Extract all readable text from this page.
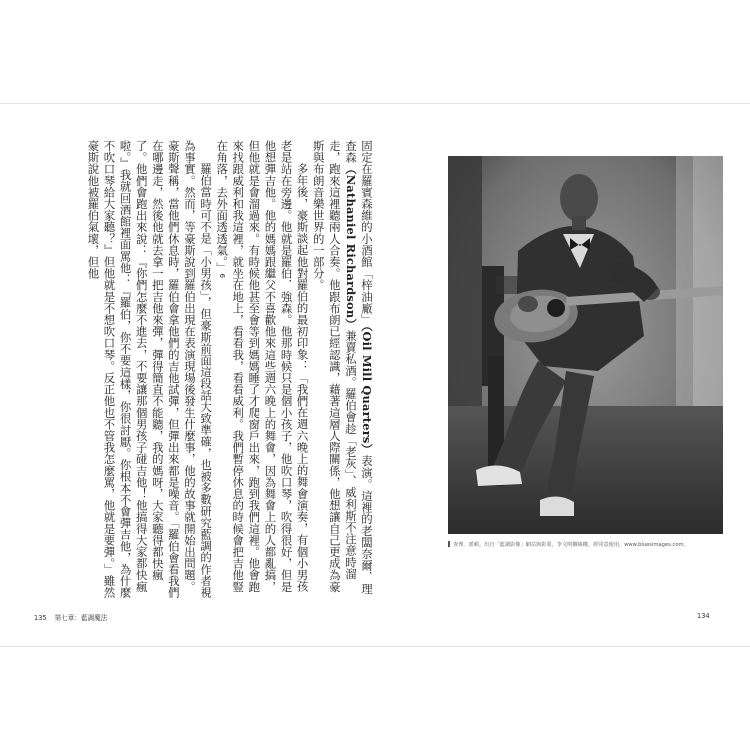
固定在羅賓森維的小酒館「梓油廠」（Oil Mill Quarters）表演。這裡的老闆奈爾．理查森（Nathaniel Richardson）兼賣私酒。羅伯會趁「老灰」、威利斯不注意時溜走，跑來這裡聽兩人合奏。他跟布朗已經認識，藉著這層人際關係，他想讓自己更成為豪斯與布朗音樂世界的一部分。

多年後，豪斯談起他對羅伯的最初印象：「我們在週六晚上的舞會演奏，有個小男孩老是站在旁邊。他就是羅伯．強森。他那時候只是個小孩子，他吹口琴，吹得很好，但是他想彈吉他。他的媽媽跟繼父不喜歡他來這些週六晚上的舞會，因為舞會上的人都亂搞，但他就是會溜過來。有時候他甚至會等到媽媽睡了才爬窗戶出來，跑到我們這裡。他會跑來找跟威利和我這裡，就坐在地上，看看我，看看威利。我們暫停休息的時候會把吉他豎在角落，去外面透透氣。」6

羅伯當時可不是「小男孩」，但豪斯前面這段話大致準確，也被多數研究藍調的作者視為事實。然而，等豪斯說到羅伯出現在表演現場後發生什麼事，他的故事就開始出問題。豪斯聲稱，當他們休息時，羅伯會拿他們的吉他試彈，但彈出來都是噪音。「羅伯會看我們在哪邊走，然後他就去拿一把吉他來彈，彈得簡直不能聽，我的媽呀，大家聽得都快瘋了。他們會跑出來說：『你們怎麼不進去，不要讓那個男孩子碰吉他！他搞得大家都快瘋啦。』我就回酒館裡面罵他：『羅伯，你不要這樣，你很討厭。你根本不會彈吉他，為什麼不吹口琴給大家聽？』但他就是不想吹口琴。反正他也不管我怎麼罵，他就是要彈。」雖然豪斯說他被羅伯氣壞，但他

135 第七章：藍調魔法
查理．派頓。出自「藍調影像」網站與影業，李文明聯絡權，經同意使用，www.bluesimages.com。
134
